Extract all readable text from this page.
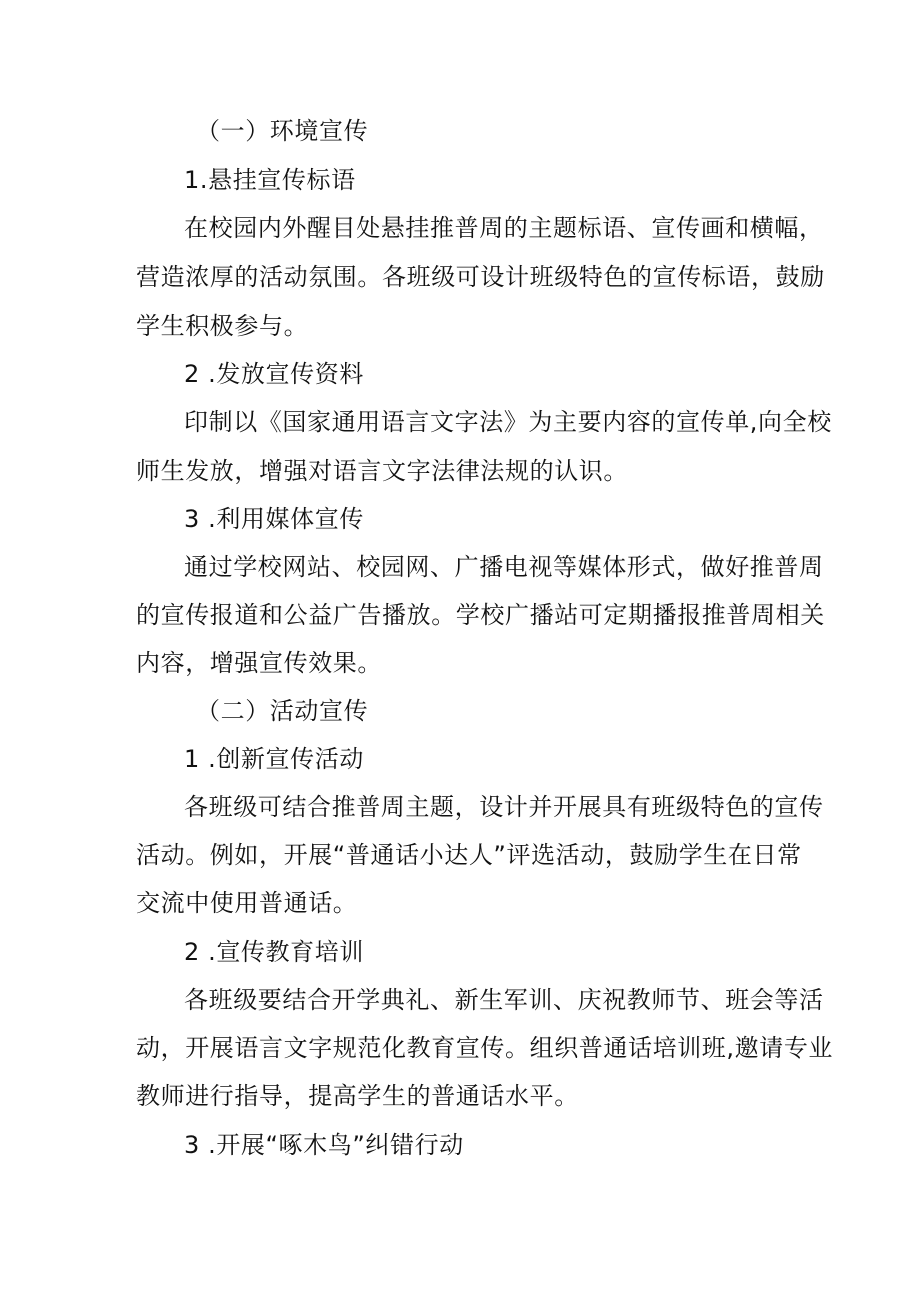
（一）环境宣传
1.悬挂宣传标语
在校园内外醒目处悬挂推普周的主题标语、宣传画和横幅，
营造浓厚的活动氛围。各班级可设计班级特色的宣传标语，鼓励
学生积极参与。
2 .发放宣传资料
印制以《国家通用语言文字法》为主要内容的宣传单,向全校
师生发放，增强对语言文字法律法规的认识。
3 .利用媒体宣传
通过学校网站、校园网、广播电视等媒体形式，做好推普周
的宣传报道和公益广告播放。学校广播站可定期播报推普周相关
内容，增强宣传效果。
（二）活动宣传
1 .创新宣传活动
各班级可结合推普周主题，设计并开展具有班级特色的宣传
活动。例如，开展“普通话小达人”评选活动，鼓励学生在日常
交流中使用普通话。
2 .宣传教育培训
各班级要结合开学典礼、新生军训、庆祝教师节、班会等活
动，开展语言文字规范化教育宣传。组织普通话培训班,邀请专业
教师进行指导，提高学生的普通话水平。
3 .开展“啄木鸟”纠错行动
